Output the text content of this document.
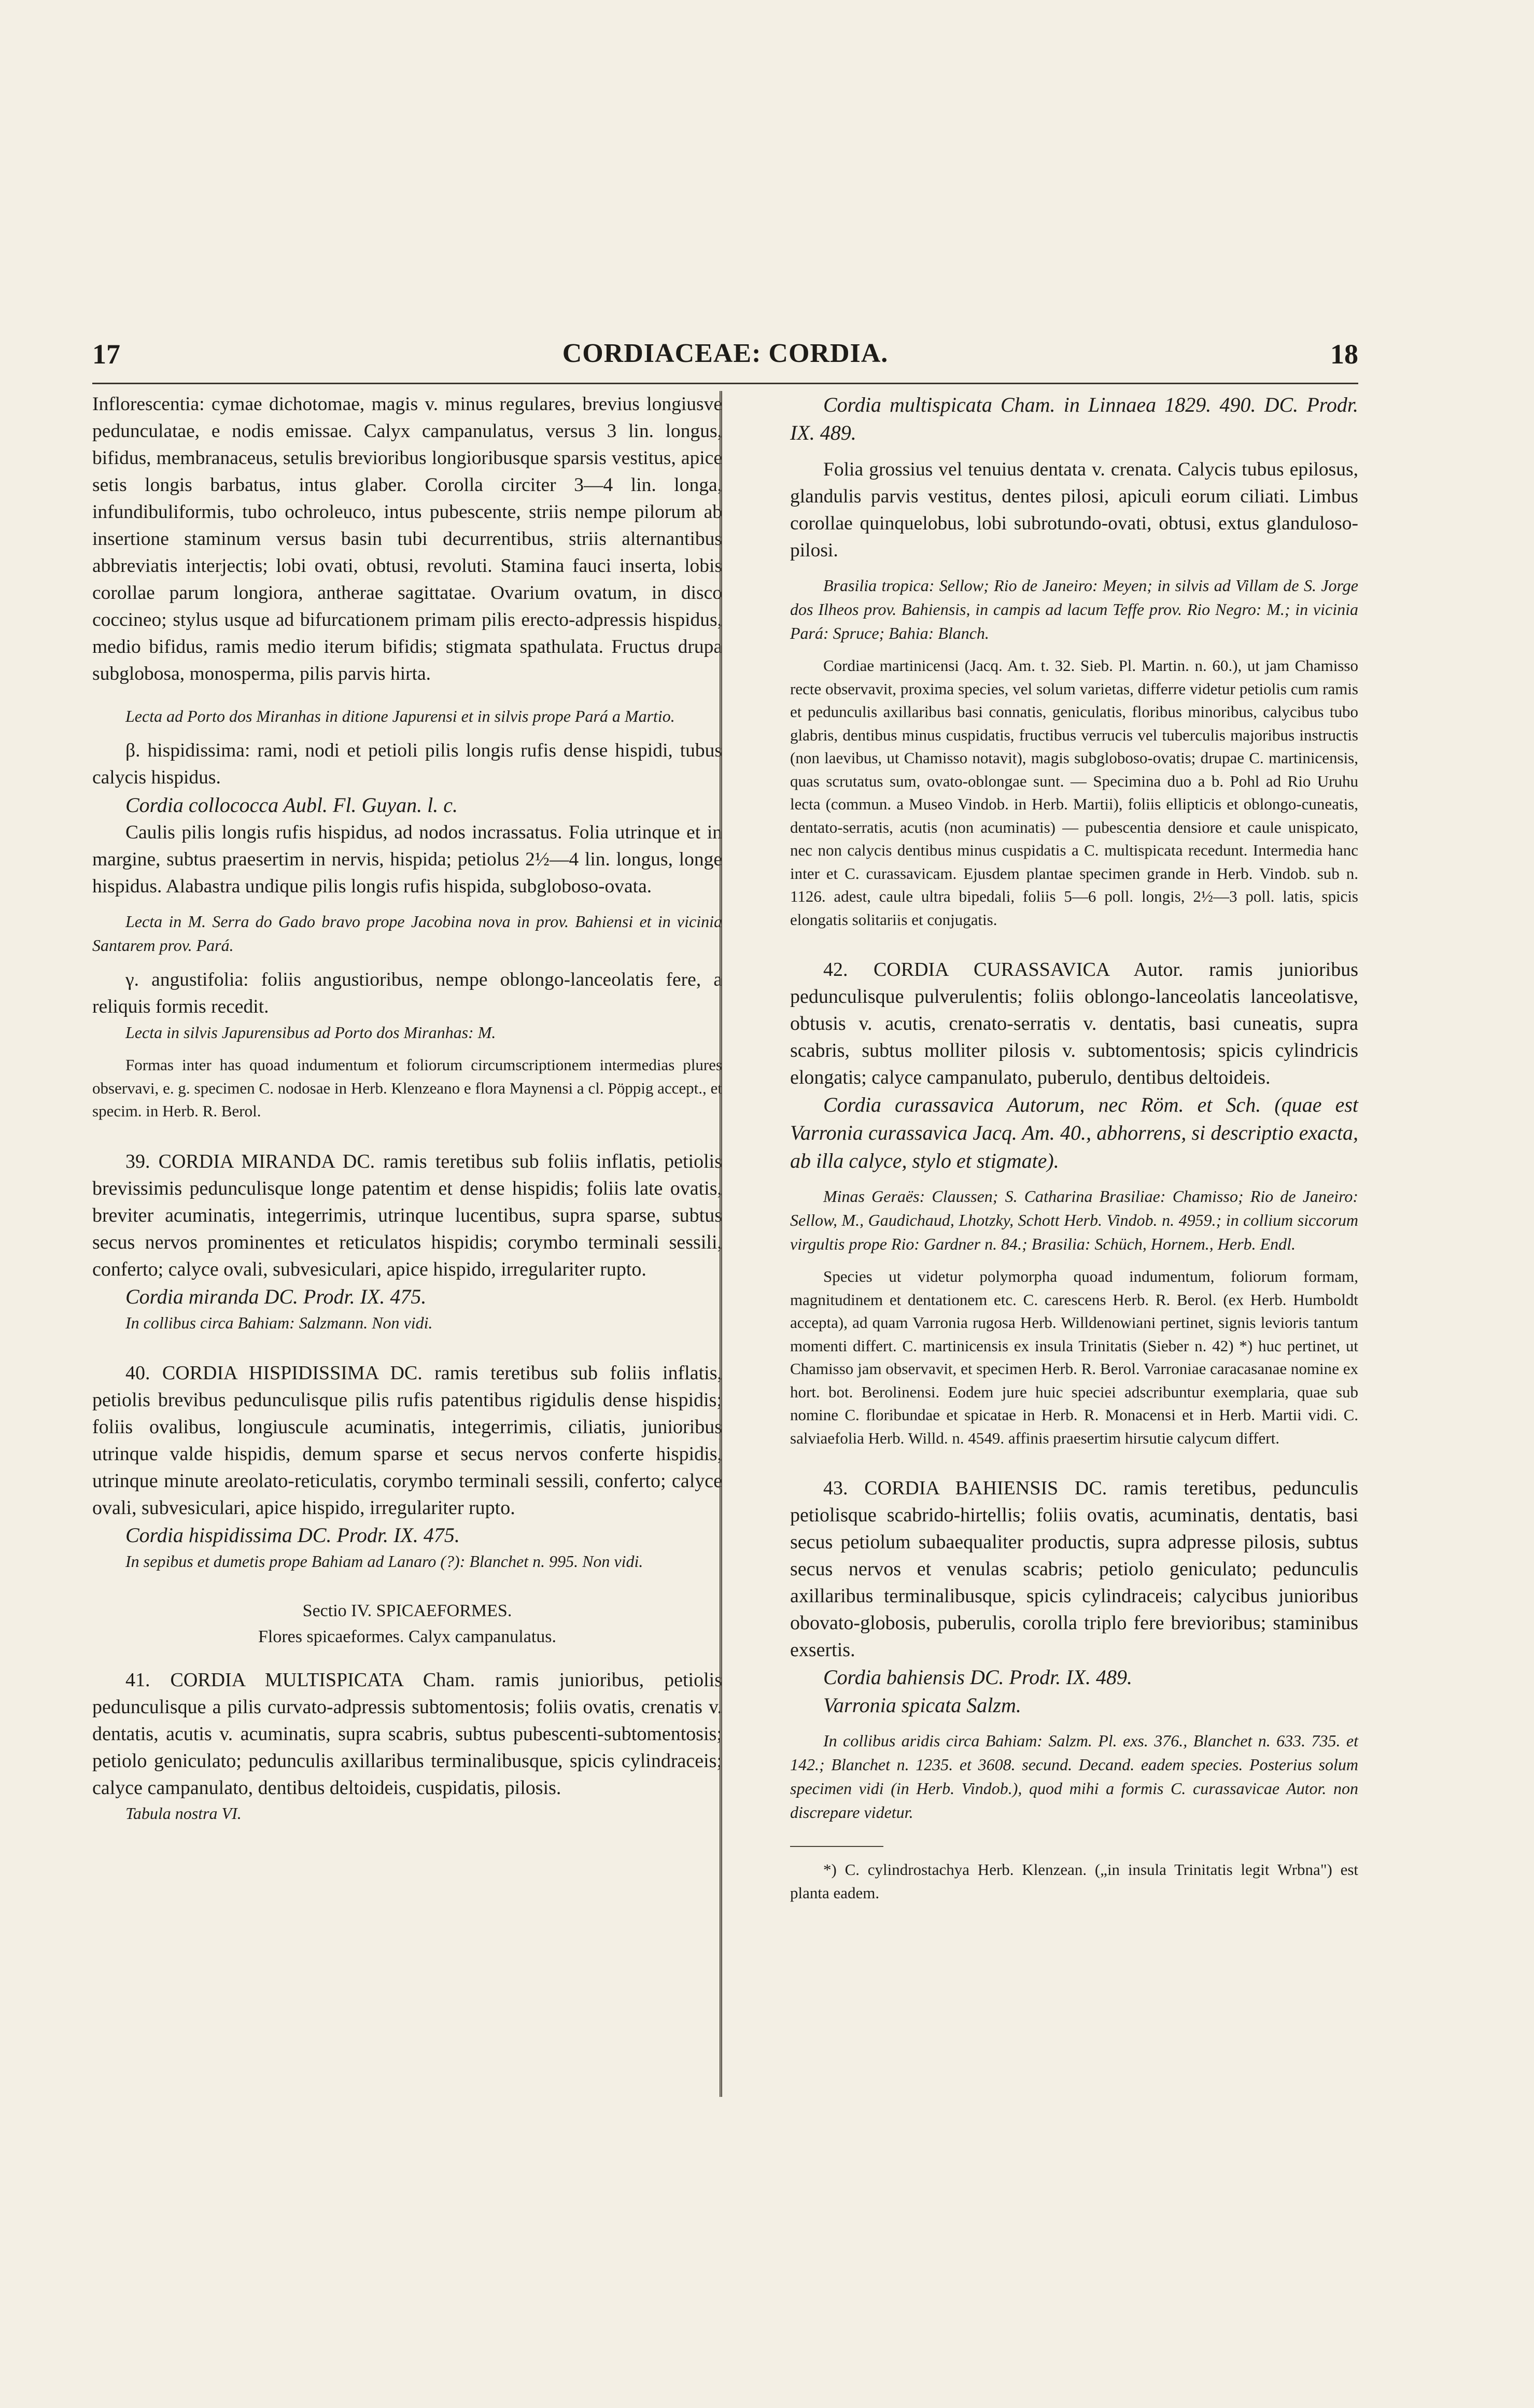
17	CORDIACEAE: CORDIA.	18

Inflorescentia: cymae dichotomae, magis v. minus regulares, brevius longiusve pedunculatae, e nodis emissae. Calyx campanulatus, versus 3 lin. longus, bifidus, membranaceus, setulis brevioribus longioribusque sparsis vestitus, apice setis longis barbatus, intus glaber. Corolla circiter 3—4 lin. longa, infundibuliformis, tubo ochroleuco, intus pubescente, striis nempe pilorum ab insertione staminum versus basin tubi decurrentibus, striis alternantibus abbreviatis interjectis; lobi ovati, obtusi, revoluti. Stamina fauci inserta, lobis corollae parum longiora, antherae sagittatae. Ovarium ovatum, in disco coccineo; stylus usque ad bifurcationem primam pilis erecto-adpressis hispidus, medio bifidus, ramis medio iterum bifidis; stigmata spathulata. Fructus drupa subglobosa, monosperma, pilis parvis hirta.

Lecta ad Porto dos Miranhas in ditione Japurensi et in silvis prope Pará a Martio.

β. hispidissima: rami, nodi et petioli pilis longis rufis dense hispidi, tubus calycis hispidus.

Cordia collococca Aubl. Fl. Guyan. l. c.

Caulis pilis longis rufis hispidus, ad nodos incrassatus. Folia utrinque et in margine, subtus praesertim in nervis, hispida; petiolus 2½—4 lin. longus, longe hispidus. Alabastra undique pilis longis rufis hispida, subgloboso-ovata.

Lecta in M. Serra do Gado bravo prope Jacobina nova in prov. Bahiensi et in vicinia Santarem prov. Pará.

γ. angustifolia: foliis angustioribus, nempe oblongo-lanceolatis fere, a reliquis formis recedit.

Lecta in silvis Japurensibus ad Porto dos Miranhas: M.

Formas inter has quoad indumentum et foliorum circumscriptionem intermedias plures observavi, e. g. specimen C. nodosae in Herb. Klenzeano e flora Maynensi a cl. Pöppig accept., et specim. in Herb. R. Berol.

39. CORDIA MIRANDA DC. ramis teretibus sub foliis inflatis, petiolis brevissimis pedunculisque longe patentim et dense hispidis; foliis late ovatis, breviter acuminatis, integerrimis, utrinque lucentibus, supra sparse, subtus secus nervos prominentes et reticulatos hispidis; corymbo terminali sessili, conferto; calyce ovali, subvesiculari, apice hispido, irregulariter rupto.

Cordia miranda DC. Prodr. IX. 475.

In collibus circa Bahiam: Salzmann. Non vidi.

40. CORDIA HISPIDISSIMA DC. ramis teretibus sub foliis inflatis, petiolis brevibus pedunculisque pilis rufis patentibus rigidulis dense hispidis; foliis ovalibus, longiuscule acuminatis, integerrimis, ciliatis, junioribus utrinque valde hispidis, demum sparse et secus nervos conferte hispidis, utrinque minute areolato-reticulatis, corymbo terminali sessili, conferto; calyce ovali, subvesiculari, apice hispido, irregulariter rupto.

Cordia hispidissima DC. Prodr. IX. 475.

In sepibus et dumetis prope Bahiam ad Lanaro (?): Blanchet n. 995. Non vidi.

Sectio IV. SPICAEFORMES.

Flores spicaeformes. Calyx campanulatus.

41. CORDIA MULTISPICATA Cham. ramis junioribus, petiolis pedunculisque a pilis curvato-adpressis subtomentosis; foliis ovatis, crenatis v. dentatis, acutis v. acuminatis, supra scabris, subtus pubescenti-subtomentosis; petiolo geniculato; pedunculis axillaribus terminalibusque, spicis cylindraceis; calyce campanulato, dentibus deltoideis, cuspidatis, pilosis.

Tabula nostra VI.

Cordia multispicata Cham. in Linnaea 1829. 490. DC. Prodr. IX. 489.

Folia grossius vel tenuius dentata v. crenata. Calycis tubus epilosus, glandulis parvis vestitus, dentes pilosi, apiculi eorum ciliati. Limbus corollae quinquelobus, lobi subrotundo-ovati, obtusi, extus glanduloso-pilosi.

Brasilia tropica: Sellow; Rio de Janeiro: Meyen; in silvis ad Villam de S. Jorge dos Ilheos prov. Bahiensis, in campis ad lacum Teffe prov. Rio Negro: M.; in vicinia Pará: Spruce; Bahia: Blanch.

Cordiae martinicensi (Jacq. Am. t. 32. Sieb. Pl. Martin. n. 60.), ut jam Chamisso recte observavit, proxima species, vel solum varietas, differre videtur petiolis cum ramis et pedunculis axillaribus basi connatis, geniculatis, floribus minoribus, calycibus tubo glabris, dentibus minus cuspidatis, fructibus verrucis vel tuberculis majoribus instructis (non laevibus, ut Chamisso notavit), magis subgloboso-ovatis; drupae C. martinicensis, quas scrutatus sum, ovato-oblongae sunt. — Specimina duo a b. Pohl ad Rio Uruhu lecta (commun. a Museo Vindob. in Herb. Martii), foliis ellipticis et oblongo-cuneatis, dentato-serratis, acutis (non acuminatis) — pubescentia densiore et caule unispicato, nec non calycis dentibus minus cuspidatis a C. multispicata recedunt. Intermedia hanc inter et C. curassavicam. Ejusdem plantae specimen grande in Herb. Vindob. sub n. 1126. adest, caule ultra bipedali, foliis 5—6 poll. longis, 2½—3 poll. latis, spicis elongatis solitariis et conjugatis.

42. CORDIA CURASSAVICA Autor. ramis junioribus pedunculisque pulverulentis; foliis oblongo-lanceolatis lanceolatisve, obtusis v. acutis, crenato-serratis v. dentatis, basi cuneatis, supra scabris, subtus molliter pilosis v. subtomentosis; spicis cylindricis elongatis; calyce campanulato, puberulo, dentibus deltoideis.

Cordia curassavica Autorum, nec Röm. et Sch. (quae est Varronia curassavica Jacq. Am. 40., abhorrens, si descriptio exacta, ab illa calyce, stylo et stigmate).

Minas Geraës: Claussen; S. Catharina Brasiliae: Chamisso; Rio de Janeiro: Sellow, M., Gaudichaud, Lhotzky, Schott Herb. Vindob. n. 4959.; in collium siccorum virgultis prope Rio: Gardner n. 84.; Brasilia: Schüch, Hornem., Herb. Endl.

Species ut videtur polymorpha quoad indumentum, foliorum formam, magnitudinem et dentationem etc. C. carescens Herb. R. Berol. (ex Herb. Humboldt accepta), ad quam Varronia rugosa Herb. Willdenowiani pertinet, signis levioris tantum momenti differt. C. martinicensis ex insula Trinitatis (Sieber n. 42) *) huc pertinet, ut Chamisso jam observavit, et specimen Herb. R. Berol. Varroniae caracasanae nomine ex hort. bot. Berolinensi. Eodem jure huic speciei adscribuntur exemplaria, quae sub nomine C. floribundae et spicatae in Herb. R. Monacensi et in Herb. Martii vidi. C. salviaefolia Herb. Willd. n. 4549. affinis praesertim hirsutie calycum differt.

43. CORDIA BAHIENSIS DC. ramis teretibus, pedunculis petiolisque scabrido-hirtellis; foliis ovatis, acuminatis, dentatis, basi secus petiolum subaequaliter productis, supra adpresse pilosis, subtus secus nervos et venulas scabris; petiolo geniculato; pedunculis axillaribus terminalibusque, spicis cylindraceis; calycibus junioribus obovato-globosis, puberulis, corolla triplo fere brevioribus; staminibus exsertis.

Cordia bahiensis DC. Prodr. IX. 489.

Varronia spicata Salzm.

In collibus aridis circa Bahiam: Salzm. Pl. exs. 376., Blanchet n. 633. 735. et 142.; Blanchet n. 1235. et 3608. secund. Decand. eadem species. Posterius solum specimen vidi (in Herb. Vindob.), quod mihi a formis C. curassavicae Autor. non discrepare videtur.

*) C. cylindrostachya Herb. Klenzean. („in insula Trinitatis legit Wrbna") est planta eadem.
